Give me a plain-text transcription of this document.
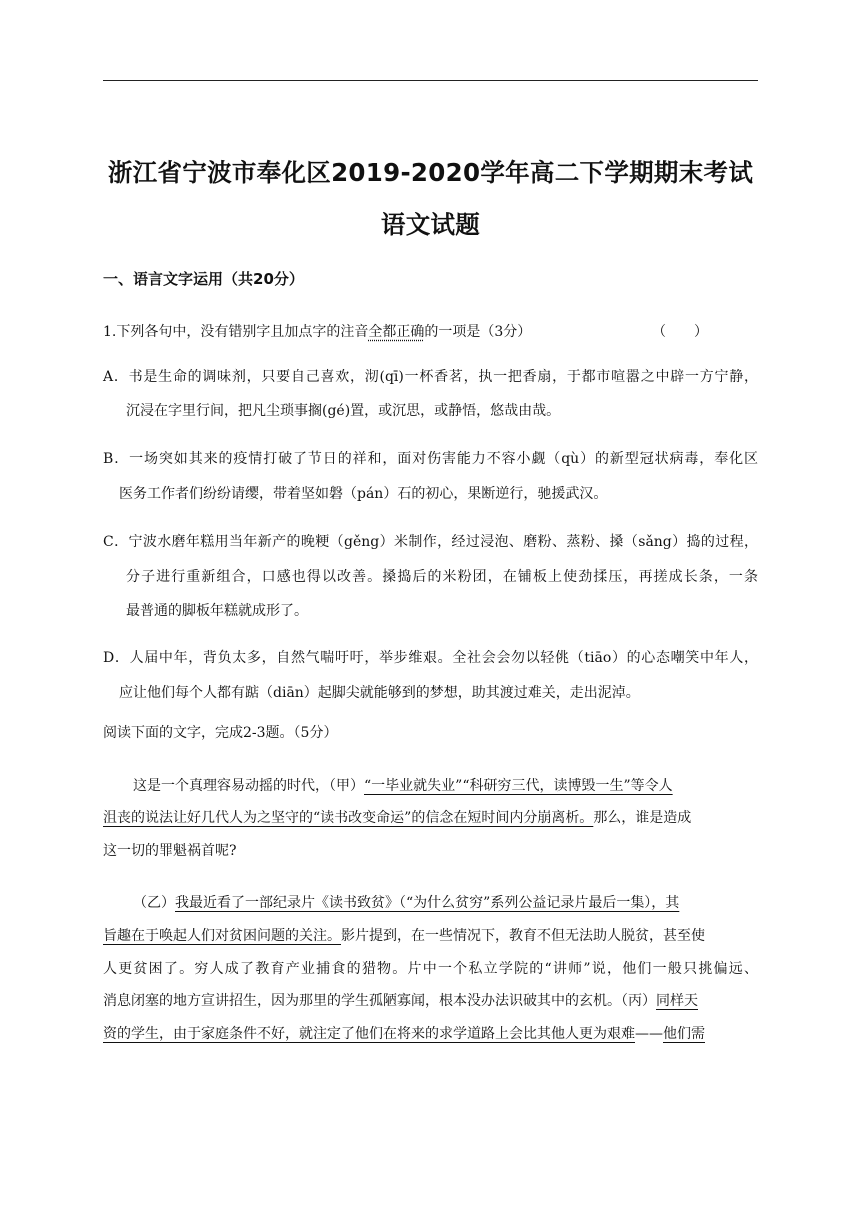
浙江省宁波市奉化区2019-2020学年高二下学期期末考试
语文试题
一、语言文字运用（共20分）
1.下列各句中，没有错别字且加点字的注音全都正确的一项是（3分）	（　　）
A．书是生命的调味剂，只要自己喜欢，沏(qī)一杯香茗，执一把香扇，于都市喧嚣之中辟一方宁静，
沉浸在字里行间，把凡尘琐事搁(gé)置，或沉思，或静悟，悠哉由哉。
B．一场突如其来的疫情打破了节日的祥和，面对伤害能力不容小觑（qù）的新型冠状病毒，奉化区
医务工作者们纷纷请缨，带着坚如磐（pán）石的初心，果断逆行，驰援武汉。
C．宁波水磨年糕用当年新产的晚粳（gěng）米制作，经过浸泡、磨粉、蒸粉、搡（sǎng）捣的过程，
分子进行重新组合，口感也得以改善。搡捣后的米粉团，在铺板上使劲揉压，再搓成长条，一条
最普通的脚板年糕就成形了。
D．人届中年，背负太多，自然气喘吁吁，举步维艰。全社会会勿以轻佻（tiāo）的心态嘲笑中年人，
应让他们每个人都有踮（diān）起脚尖就能够到的梦想，助其渡过难关，走出泥淖。
阅读下面的文字，完成2-3题。（5分）
这是一个真理容易动摇的时代，（甲）“一毕业就失业”“科研穷三代，读博毁一生”等令人
沮丧的说法让好几代人为之坚守的“读书改变命运”的信念在短时间内分崩离析。那么，谁是造成
这一切的罪魁祸首呢?
（乙）我最近看了一部纪录片《读书致贫》（“为什么贫穷”系列公益记录片最后一集），其
旨趣在于唤起人们对贫困问题的关注。影片提到，在一些情况下，教育不但无法助人脱贫，甚至使
人更贫困了。穷人成了教育产业捕食的猎物。片中一个私立学院的“讲师”说，他们一般只挑偏远、
消息闭塞的地方宣讲招生，因为那里的学生孤陋寡闻，根本没办法识破其中的玄机。（丙）同样天
资的学生，由于家庭条件不好，就注定了他们在将来的求学道路上会比其他人更为艰难——他们需
